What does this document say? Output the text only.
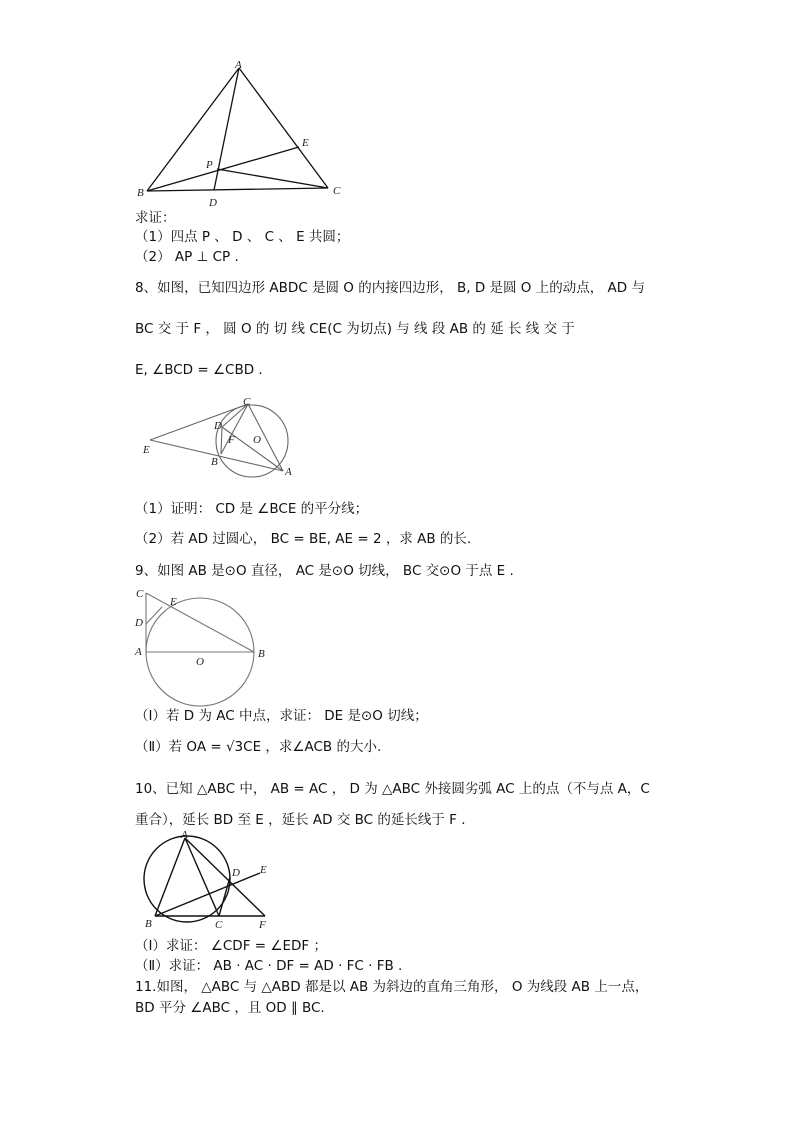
A
B	C
D
E
P
求证：
（1）四点 P 、 D 、 C 、 E 共圆；
（2） AP ⊥ CP .
8、如图，已知四边形 ABDC 是圆 O 的内接四边形， B, D 是圆 O 上的动点， AD 与
BC 交 于 F ， 圆 O 的 切 线 CE(C 为切点) 与 线 段 AB 的 延 长 线 交 于
E, ∠BCD = ∠CBD .
C
E
D
F O
B
A
（1）证明： CD 是 ∠BCE 的平分线；
（2）若 AD 过圆心， BC = BE, AE = 2 ，求 AB 的长.
9、如图 AB 是⊙O 直径， AC 是⊙O 切线， BC 交⊙O 于点 E .
C
E
D
A
O
B
（Ⅰ）若 D 为 AC 中点，求证： DE 是⊙O 切线；
（Ⅱ）若 OA = √3CE ，求∠ACB 的大小.
10、已知 △ABC 中， AB = AC ， D 为 △ABC 外接圆劣弧 AC 上的点（不与点 A，C
重合），延长 BD 至 E ，延长 AD 交 BC 的延长线于 F .
A
B	C
D E
F
（Ⅰ）求证： ∠CDF = ∠EDF ；
（Ⅱ）求证： AB · AC · DF = AD · FC · FB .
11.如图， △ABC 与 △ABD 都是以 AB 为斜边的直角三角形， O 为线段 AB 上一点，
BD 平分 ∠ABC ，且 OD ∥ BC.
